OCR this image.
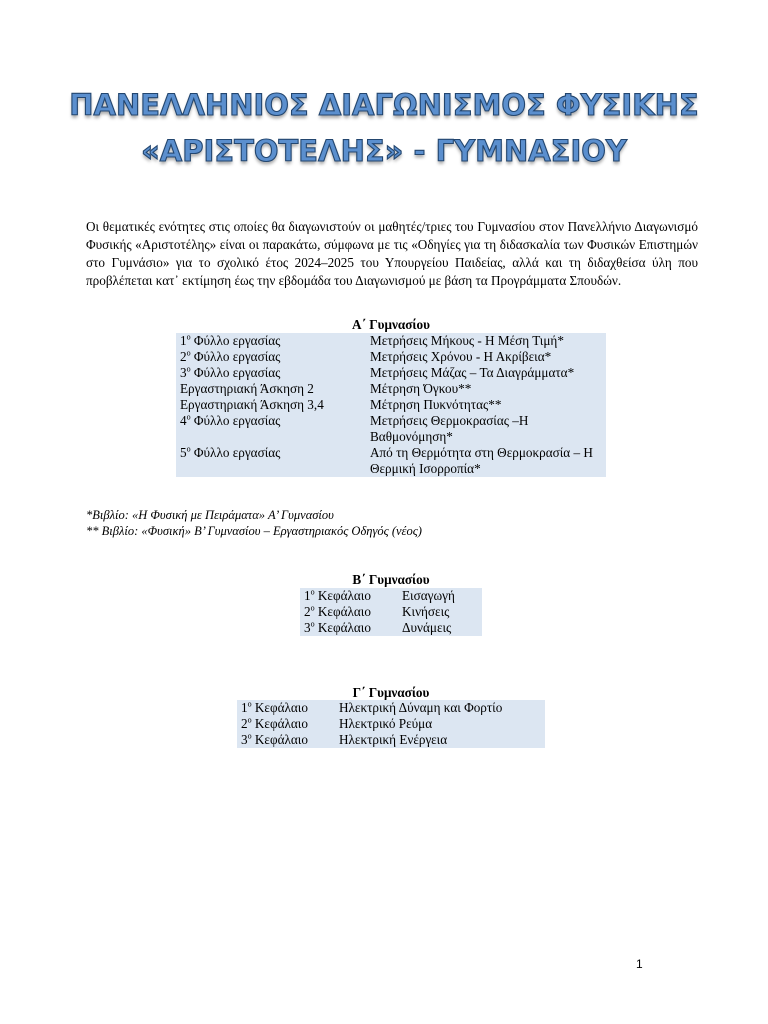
ΠΑΝΕΛΛΗΝΙΟΣ ΔΙΑΓΩΝΙΣΜΟΣ ΦΥΣΙΚΗΣ
«ΑΡΙΣΤΟΤΕΛΗΣ» - ΓΥΜΝΑΣΙΟΥ
Οι θεματικές ενότητες στις οποίες θα διαγωνιστούν οι μαθητές/τριες του Γυμνασίου στον Πανελλήνιο Διαγωνισμό Φυσικής «Αριστοτέλης» είναι οι παρακάτω, σύμφωνα με τις «Οδηγίες για τη διδασκαλία των Φυσικών Επιστημών στο Γυμνάσιο» για το σχολικό έτος 2024–2025 του Υπουργείου Παιδείας, αλλά και τη διδαχθείσα ύλη που προβλέπεται κατ᾽ εκτίμηση έως την εβδομάδα του Διαγωνισμού με βάση τα Προγράμματα Σπουδών.
Α΄ Γυμνασίου
$1^o$ Φύλλο εργασίας	Μετρήσεις Μήκους - Η Μέση Τιμή*
$2^o$ Φύλλο εργασίας	Μετρήσεις Χρόνου - Η Ακρίβεια*
$3^o$ Φύλλο εργασίας	Μετρήσεις Μάζας – Τα Διαγράμματα*
Εργαστηριακή Άσκηση 2	Μέτρηση Όγκου**
Εργαστηριακή Άσκηση 3,4	Μέτρηση Πυκνότητας**
$4^o$ Φύλλο εργασίας	Μετρήσεις Θερμοκρασίας –Η Βαθμονόμηση*
$5^o$ Φύλλο εργασίας	Από τη Θερμότητα στη Θερμοκρασία – Η Θερμική Ισορροπία*
*Βιβλίο: «Η Φυσική με Πειράματα» Α’ Γυμνασίου
** Βιβλίο: «Φυσική» Β’ Γυμνασίου – Εργαστηριακός Οδηγός (νέος)
Β΄ Γυμνασίου
$1^o$ Κεφάλαιο	Εισαγωγή
$2^o$ Κεφάλαιο	Κινήσεις
$3^o$ Κεφάλαιο	Δυνάμεις
Γ΄ Γυμνασίου
$1^o$ Κεφάλαιο	Ηλεκτρική Δύναμη και Φορτίο
$2^o$ Κεφάλαιο	Ηλεκτρικό Ρεύμα
$3^o$ Κεφάλαιο	Ηλεκτρική Ενέργεια
1
